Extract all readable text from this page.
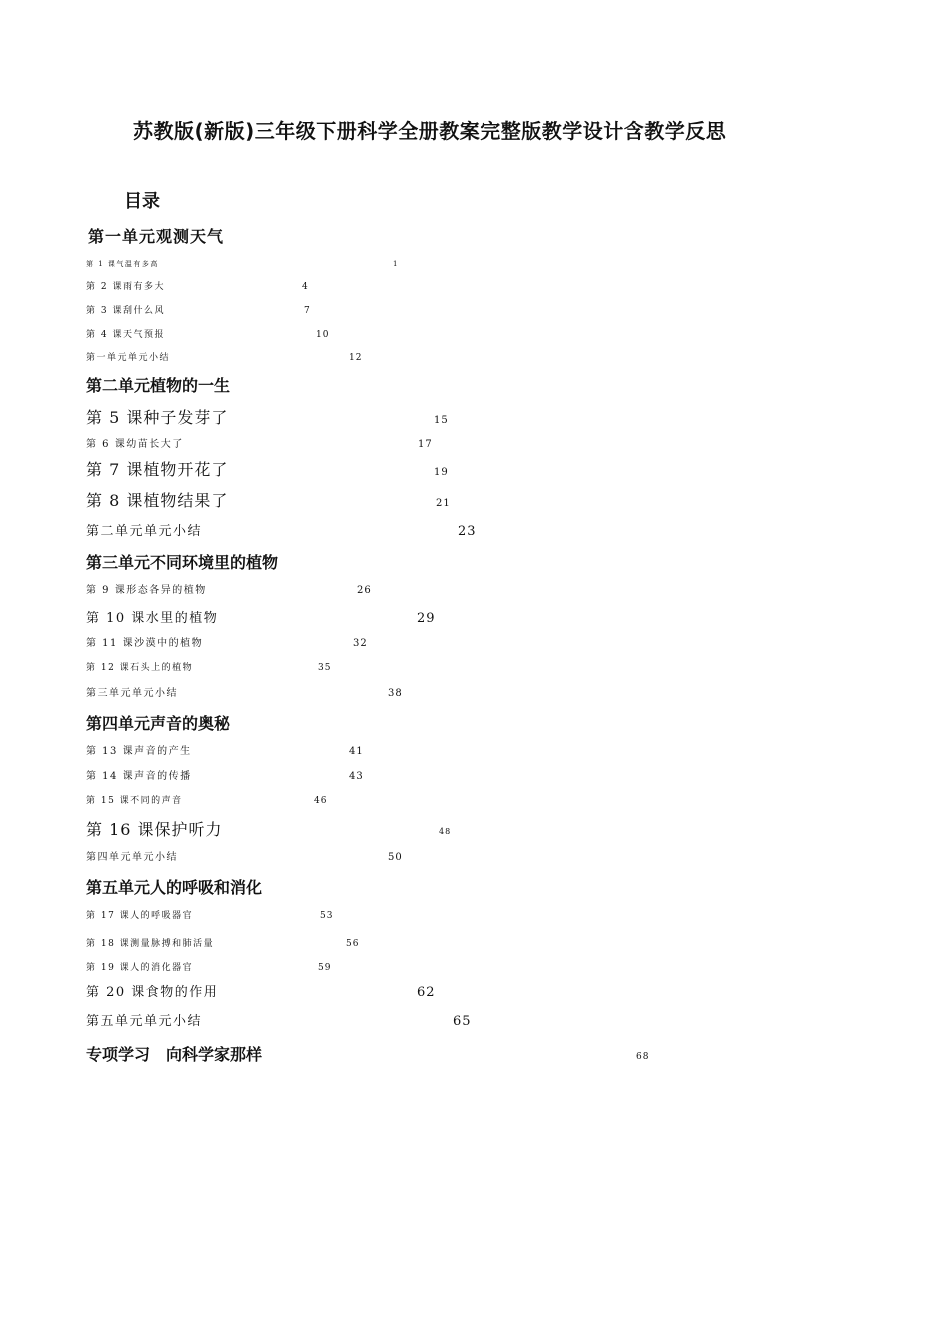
苏教版(新版)三年级下册科学全册教案完整版教学设计含教学反思
目录
第一单元观测天气
第 1 课气温有多高	1
第 2 课雨有多大	4
第 3 课刮什么风	7
第 4 课天气预报	10
第一单元单元小结	12
第二单元植物的一生
第 5 课种子发芽了	15
第 6 课幼苗长大了	17
第 7 课植物开花了	19
第 8 课植物结果了	21
第二单元单元小结	23
第三单元不同环境里的植物
第 9 课形态各异的植物	26
第 10 课水里的植物	29
第 11 课沙漠中的植物	32
第 12 课石头上的植物	35
第三单元单元小结	38
第四单元声音的奥秘
第 13 课声音的产生	41
第 14 课声音的传播	43
第 15 课不同的声音	46
第 16 课保护听力	48
第四单元单元小结	50
第五单元人的呼吸和消化
第 17 课人的呼吸器官	53
第 18 课测量脉搏和肺活量	56
第 19 课人的消化器官	59
第 20 课食物的作用	62
第五单元单元小结	65
专项学习　向科学家那样	68
